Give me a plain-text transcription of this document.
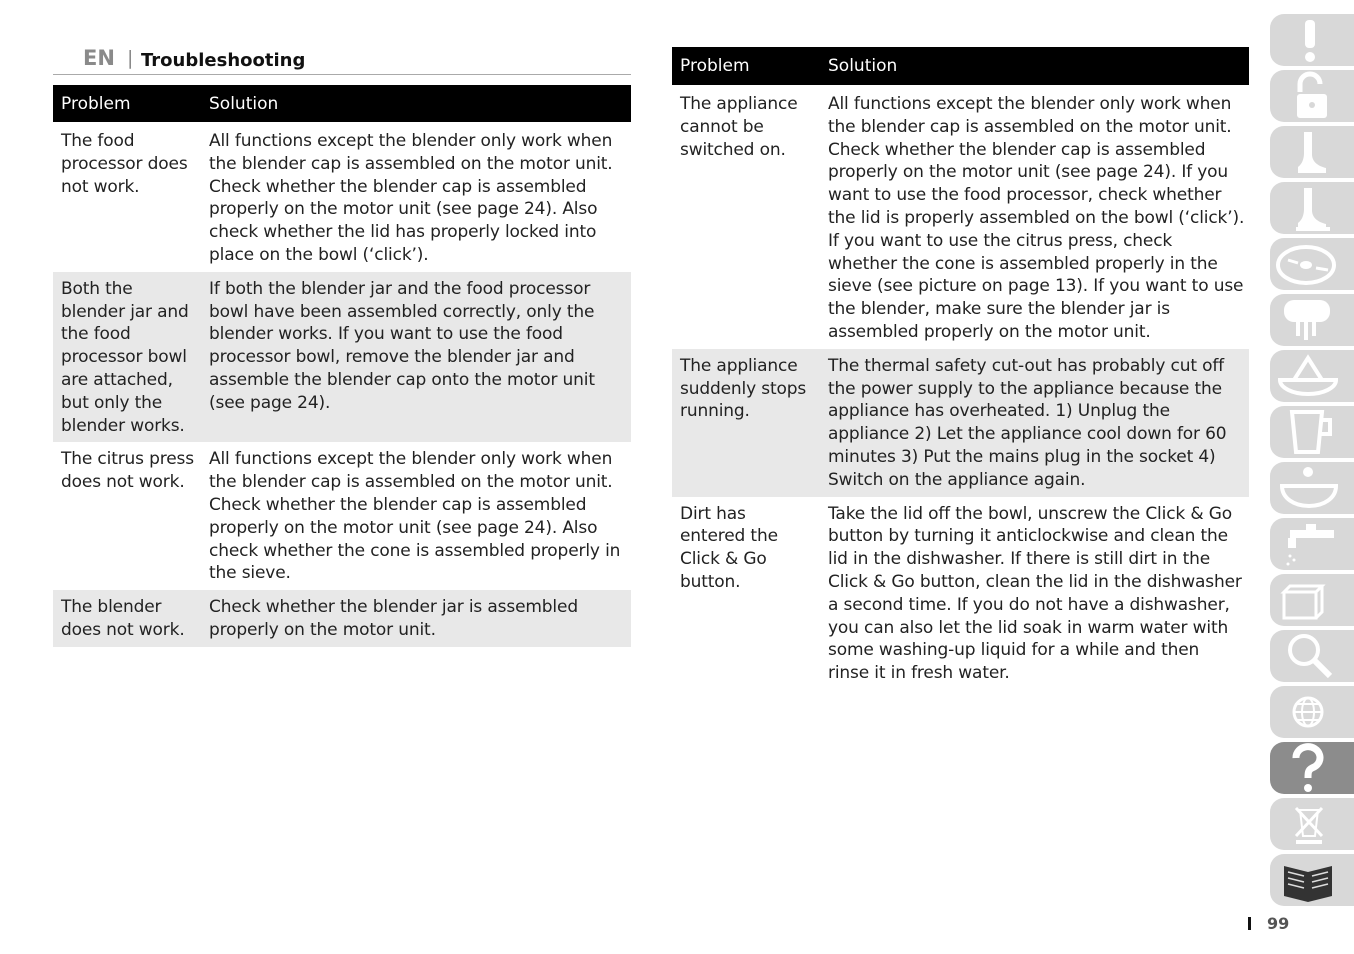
EN | Troubleshooting
Problem	Solution
The food processor does not work.	All functions except the blender only work when the blender cap is assembled on the motor unit. Check whether the blender cap is assembled properly on the motor unit (see page 24). Also check whether the lid has properly locked into place on the bowl (‘click’).
Both the blender jar and the food processor bowl are attached, but only the blender works.	If both the blender jar and the food processor bowl have been assembled correctly, only the blender works. If you want to use the food processor bowl, remove the blender jar and assemble the blender cap onto the motor unit (see page 24).
The citrus press does not work.	All functions except the blender only work when the blender cap is assembled on the motor unit. Check whether the blender cap is assembled properly on the motor unit (see page 24). Also check whether the cone is assembled properly in the sieve.
The blender does not work.	Check whether the blender jar is assembled properly on the motor unit.
Problem	Solution
The appliance cannot be switched on.	All functions except the blender only work when the blender cap is assembled on the motor unit. Check whether the blender cap is assembled properly on the motor unit (see page 24). If you want to use the food processor, check whether the lid is properly assembled on the bowl (‘click’). If you want to use the citrus press, check whether the cone is assembled properly in the sieve (see picture on page 13). If you want to use the blender, make sure the blender jar is assembled properly on the motor unit.
The appliance suddenly stops running.	The thermal safety cut-out has probably cut off the power supply to the appliance because the appliance has overheated. 1) Unplug the appliance 2) Let the appliance cool down for 60 minutes 3) Put the mains plug in the socket 4) Switch on the appliance again.
Dirt has entered the Click & Go button.	Take the lid off the bowl, unscrew the Click & Go button by turning it anticlockwise and clean the lid in the dishwasher. If there is still dirt in the Click & Go button, clean the lid in the dishwasher a second time. If you do not have a dishwasher, you can also let the lid soak in warm water with some washing-up liquid for a while and then rinse it in fresh water.
99
